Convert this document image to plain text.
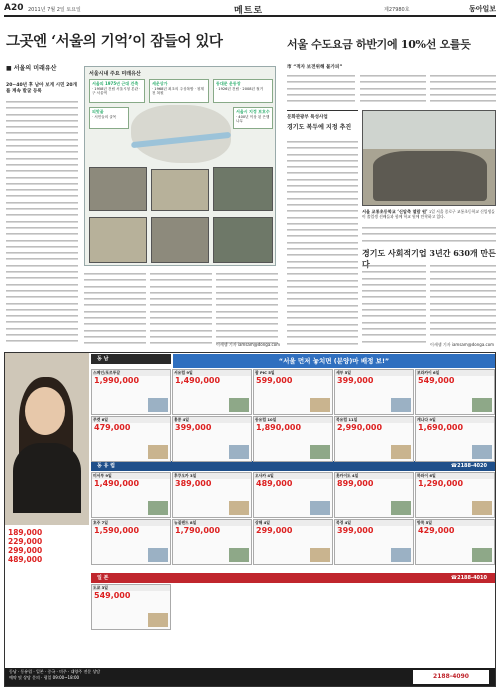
A20 2011년 7월 2일 토요일	메트로	제27980호	동아일보
그곳엔 ‘서울의 기억’이 잠들어 있다
■ 서울의 미래유산
20~40년 후 남아 보게 시민 20개를 계속 발굴 등록
서울시내 주요 미래유산
서울의 1975년 근대 건축
· 1958년 건립 서울시청 본관 · 구 서울역
세운상가
· 1968년 최초의 주상복합 · 청계천 복원
동대문 운동장
· 1926년 건립 · 2008년 철거
피맛골
· 서민들의 골목
서울시 지정 보호수
· 400년 이상 된 은행나무
이새샘 기자 iamsam@donga.com
서울 수도요금 하반기에 10%선 오를듯
市 “적자 보전위해 불가피”
문화관광부 특성사업
경기도 복두에 지정 추진
서울 교통초등학교 ‘신압축 열람 원’ 1일 서울 종로구 교통초등학교 신입생들이 졸업생 선배들과 함께 학교 원에 안착하고 있다.
경기도 사회적기업 3년간 630개 만든
이새샘 기자 iamsam@donga.com
189,000
229,000
299,000
489,000
“서울 먼저 놓치면 (분양)마 배정 보!”
동 남
동 유 럽	☎2188-4020
일 본	☎2188-4010
스페인/포르투갈
1,990,000
서유럽 9일
1,490,000
괌 PIC 5일
599,000
세부 5일
399,000
보라카이 6일
549,000
푸켓 6일
479,000
홍콩 4일
399,000
동유럽 10일
1,890,000
북유럽 11일
2,990,000
캐나다 9일
1,690,000
미서부 9일
1,490,000
후쿠오카 3일
389,000
오사카 4일
489,000
홋카이도 4일
899,000
하와이 6일
1,290,000
호주 7일
1,590,000
뉴질랜드 8일
1,790,000
상해 4일
299,000
북경 4일
399,000
방콕 5일
429,000
도쿄 3일
549,000
동남 · 동유럽 · 일본 · 중국 · 미주 · 대양주 전문 상담
예약 및 상담 문의 · 평일 09:00~18:00	2188-4090
